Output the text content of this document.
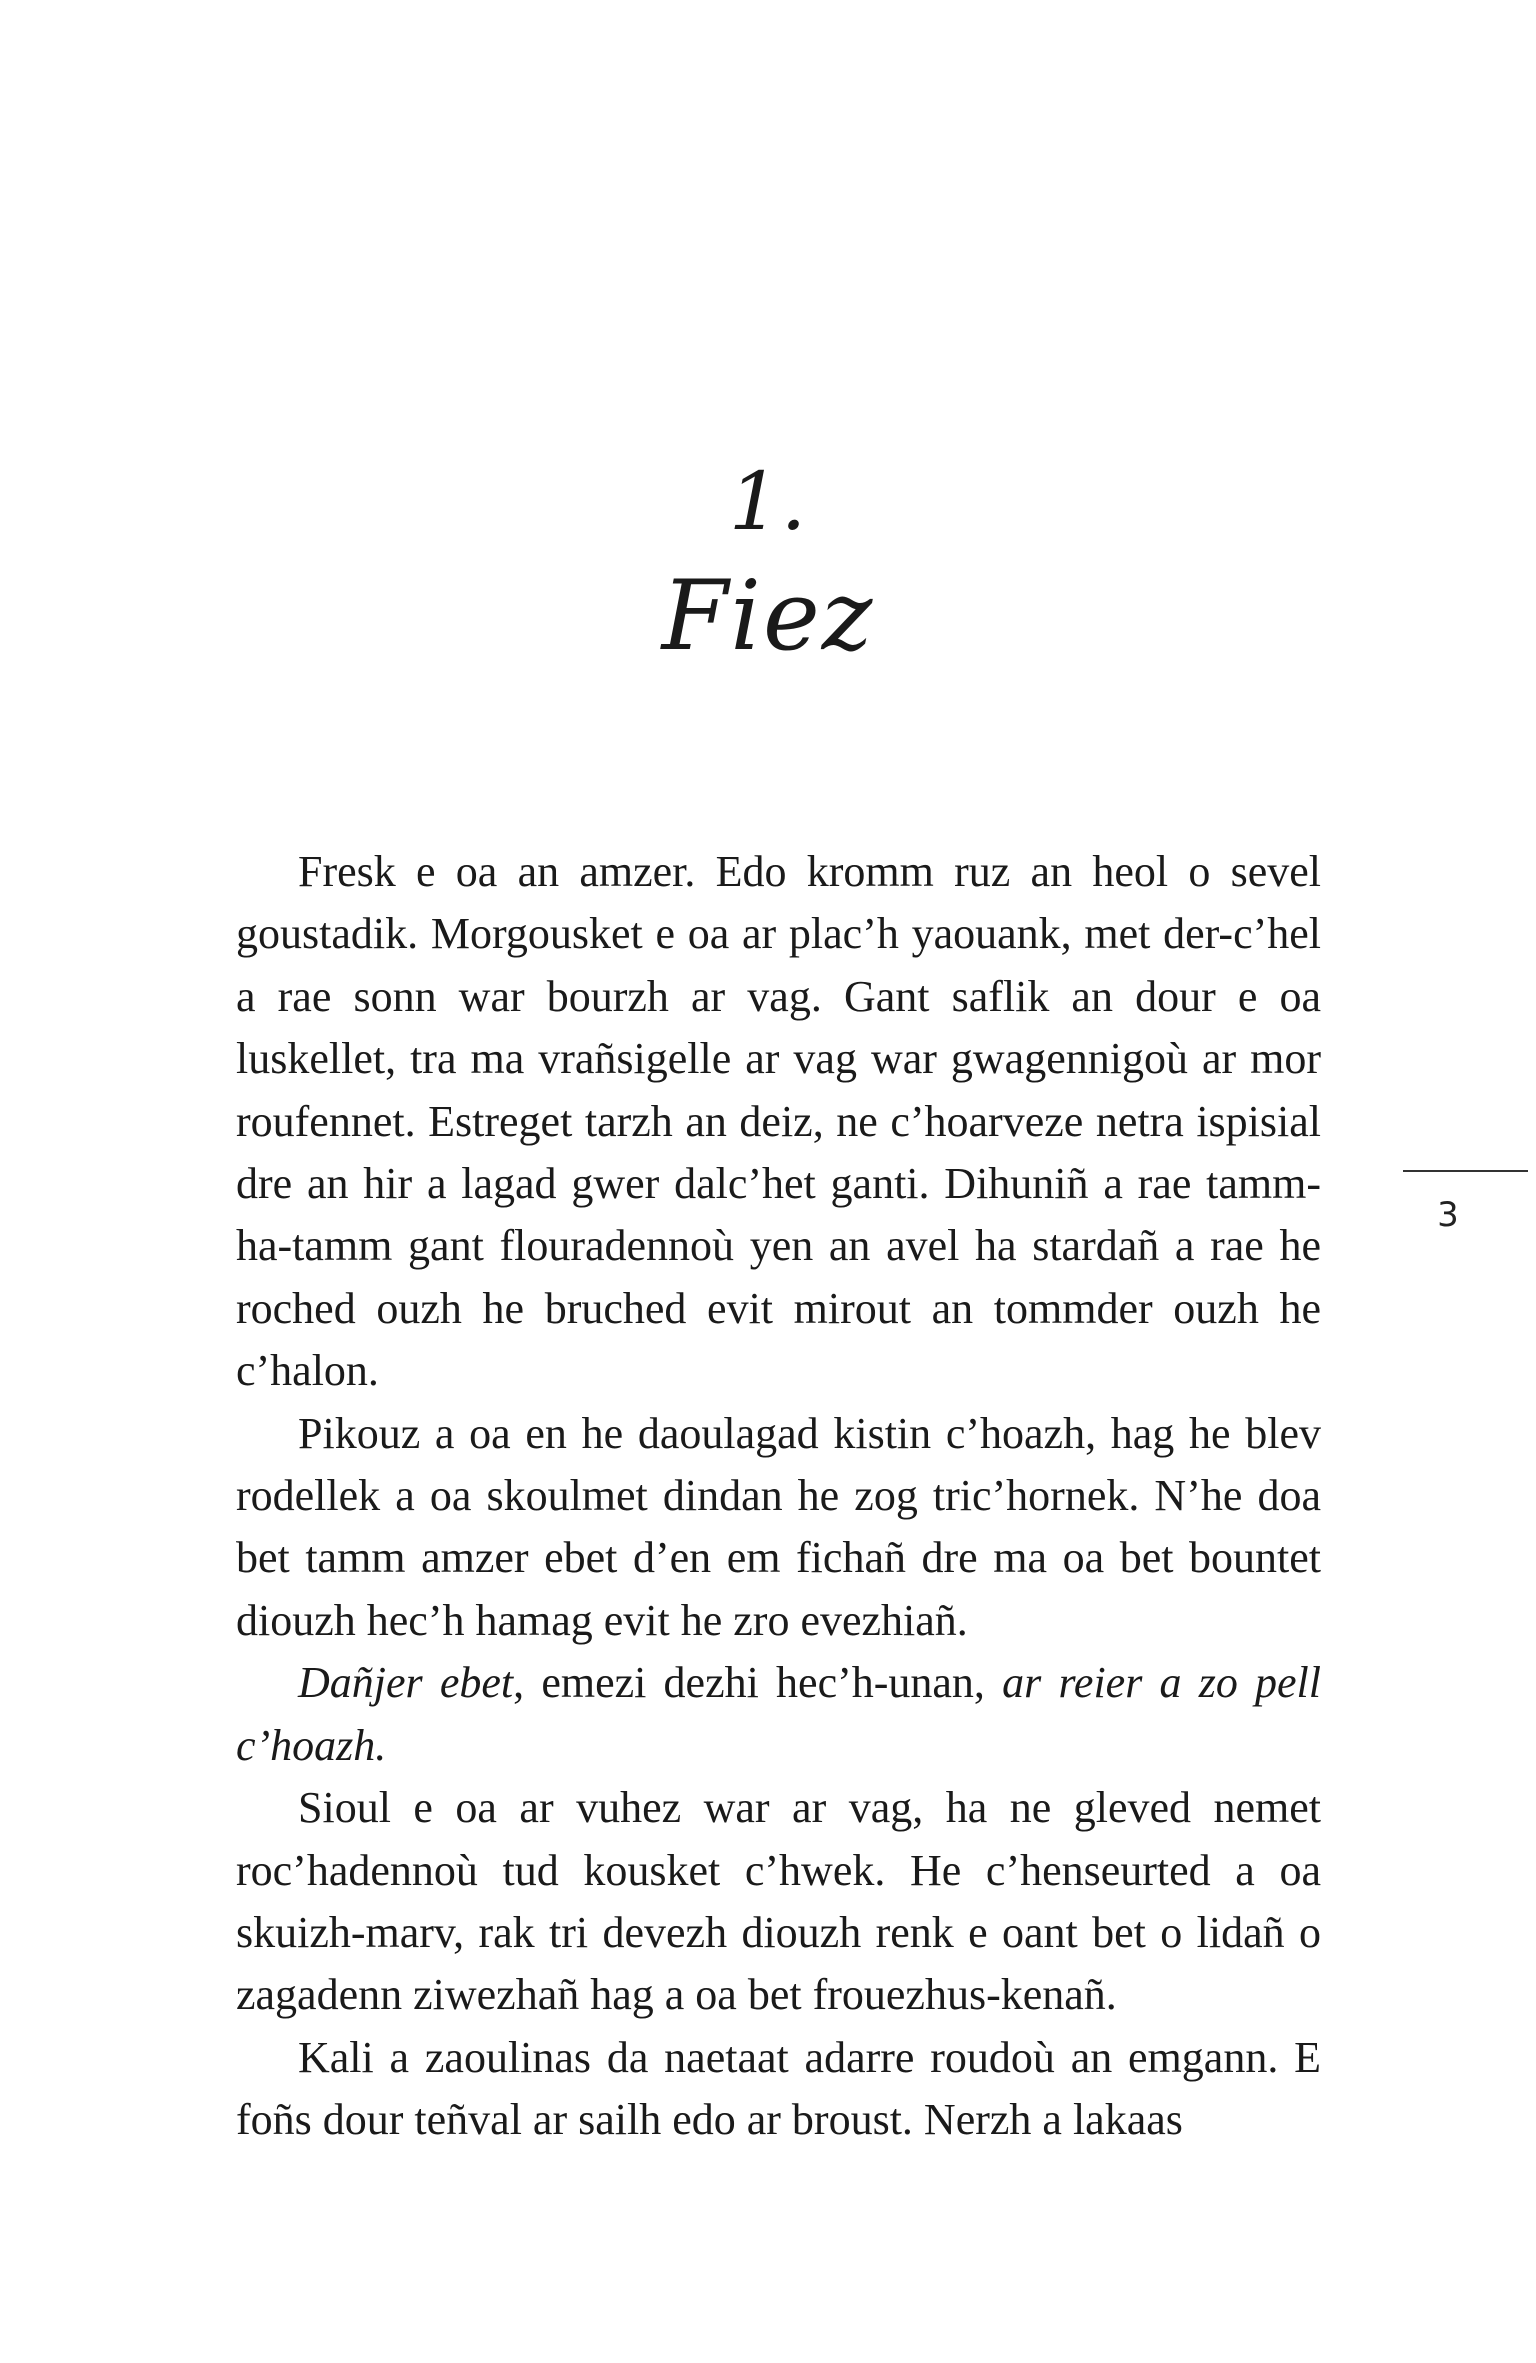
1.
Fiez

Fresk e oa an amzer. Edo kromm ruz an heol o sevel goustadik. Morgousket e oa ar plac’h yaouank, met der-c’hel a rae sonn war bourzh ar vag. Gant saflik an dour e oa luskellet, tra ma vrañsigelle ar vag war gwagennigoù ar mor roufennet. Estreget tarzh an deiz, ne c’hoarveze netra ispisial dre an hir a lagad gwer dalc’het ganti. Dihuniñ a rae tamm-ha-tamm gant flouradennoù yen an avel ha stardañ a rae he roched ouzh he bruched evit mirout an tommder ouzh he c’halon.

Pikouz a oa en he daoulagad kistin c’hoazh, hag he blev rodellek a oa skoulmet dindan he zog tric’hornek. N’he doa bet tamm amzer ebet d’en em fichañ dre ma oa bet bountet diouzh hec’h hamag evit he zro evezhiañ.

Dañjer ebet, emezi dezhi hec’h-unan, ar reier a zo pell c’hoazh.

Sioul e oa ar vuhez war ar vag, ha ne gleved nemet roc’hadennoù tud kousket c’hwek. He c’henseurted a oa skuizh-marv, rak tri devezh diouzh renk e oant bet o lidañ o zagadenn ziwezhañ hag a oa bet frouezhus-kenañ.

Kali a zaoulinas da naetaat adarre roudoù an emgann. E foñs dour teñval ar sailh edo ar broust. Nerzh a lakaas

3
